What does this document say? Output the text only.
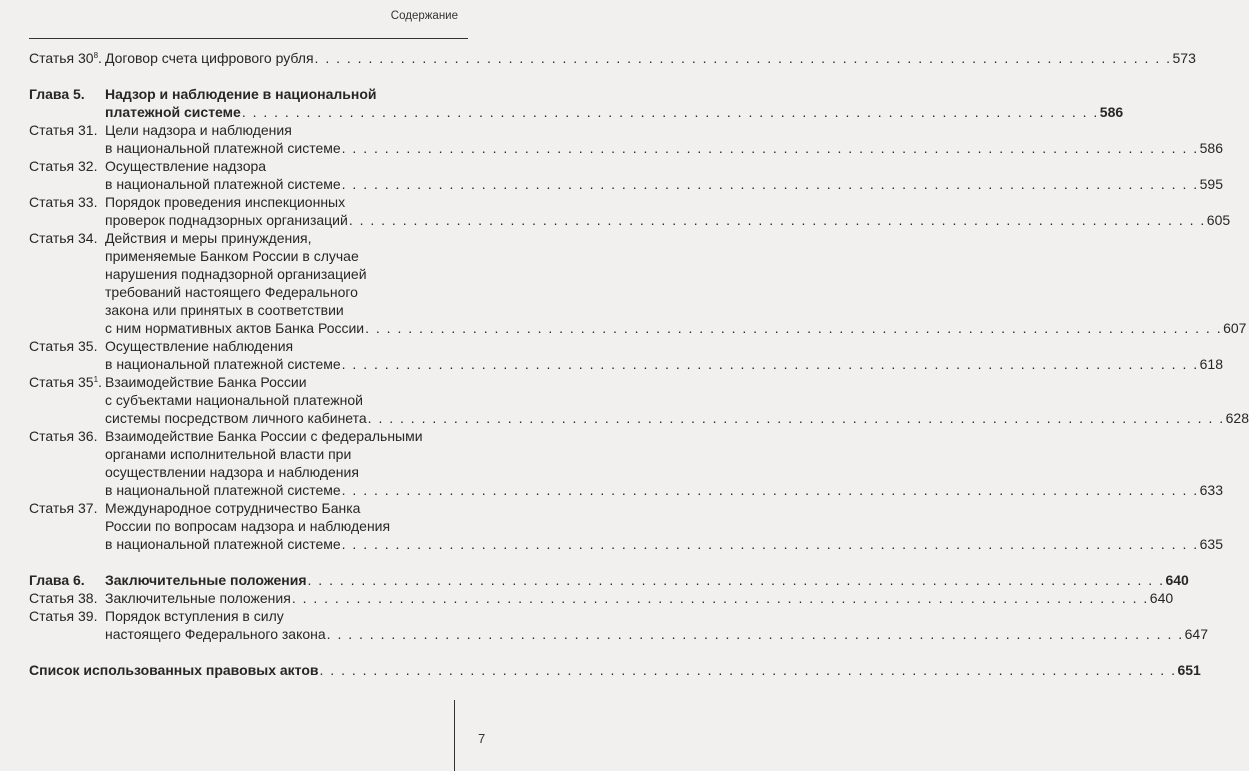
Содержание
Статья $30^8$. Договор счета цифрового рубля . . . . . . . . . . . . . . . . . . . . . . . . . . . . . . . . . . . . . . . . . . . . . . . . . . . . . . . . . . . . . . . . . . . . . . . . . . . . . . . . 573
Глава 5.	Надзор и наблюдение в национальной
платежной системе . . . . . . . . . . . . . . . . . . . . . . . . . . . . . . . . . . . . . . . . . . . . . . . . . . . . . . . . . . . . . . . . . . . . . . . . . . . . . . . . 586
Статья 31. Цели надзора и наблюдения
в национальной платежной системе . . . . . . . . . . . . . . . . . . . . . . . . . . . . . . . . . . . . . . . . . . . . . . . . . . . . . . . . . . . . . . . . . . . . . . . . . . . . . . . . 586
Статья 32. Осуществление надзора
в национальной платежной системе . . . . . . . . . . . . . . . . . . . . . . . . . . . . . . . . . . . . . . . . . . . . . . . . . . . . . . . . . . . . . . . . . . . . . . . . . . . . . . . . 595
Статья 33. Порядок проведения инспекционных
проверок поднадзорных организаций . . . . . . . . . . . . . . . . . . . . . . . . . . . . . . . . . . . . . . . . . . . . . . . . . . . . . . . . . . . . . . . . . . . . . . . . . . . . . . . . 605
Статья 34. Действия и меры принуждения,
применяемые Банком России в случае
нарушения поднадзорной организацией
требований настоящего Федерального
закона или принятых в соответствии
с ним нормативных актов Банка России . . . . . . . . . . . . . . . . . . . . . . . . . . . . . . . . . . . . . . . . . . . . . . . . . . . . . . . . . . . . . . . . . . . . . . . . . . . . . . . . 607
Статья 35. Осуществление наблюдения
в национальной платежной системе . . . . . . . . . . . . . . . . . . . . . . . . . . . . . . . . . . . . . . . . . . . . . . . . . . . . . . . . . . . . . . . . . . . . . . . . . . . . . . . . 618
Статья $35^1$. Взаимодействие Банка России
с субъектами национальной платежной
системы посредством личного кабинета . . . . . . . . . . . . . . . . . . . . . . . . . . . . . . . . . . . . . . . . . . . . . . . . . . . . . . . . . . . . . . . . . . . . . . . . . . . . . . . . 628
Статья 36. Взаимодействие Банка России с федеральными
органами исполнительной власти при
осуществлении надзора и наблюдения
в национальной платежной системе . . . . . . . . . . . . . . . . . . . . . . . . . . . . . . . . . . . . . . . . . . . . . . . . . . . . . . . . . . . . . . . . . . . . . . . . . . . . . . . . 633
Статья 37. Международное сотрудничество Банка
России по вопросам надзора и наблюдения
в национальной платежной системе . . . . . . . . . . . . . . . . . . . . . . . . . . . . . . . . . . . . . . . . . . . . . . . . . . . . . . . . . . . . . . . . . . . . . . . . . . . . . . . . 635
Глава 6.	Заключительные положения . . . . . . . . . . . . . . . . . . . . . . . . . . . . . . . . . . . . . . . . . . . . . . . . . . . . . . . . . . . . . . . . . . . . . . . . . . . . . . . . 640
Статья 38. Заключительные положения . . . . . . . . . . . . . . . . . . . . . . . . . . . . . . . . . . . . . . . . . . . . . . . . . . . . . . . . . . . . . . . . . . . . . . . . . . . . . . . . 640
Статья 39. Порядок вступления в силу
настоящего Федерального закона . . . . . . . . . . . . . . . . . . . . . . . . . . . . . . . . . . . . . . . . . . . . . . . . . . . . . . . . . . . . . . . . . . . . . . . . . . . . . . . . 647
Список использованных правовых актов . . . . . . . . . . . . . . . . . . . . . . . . . . . . . . . . . . . . . . . . . . . . . . . . . . . . . . . . . . . . . . . . . . . . . . . . . . . . . . . . 651
7
